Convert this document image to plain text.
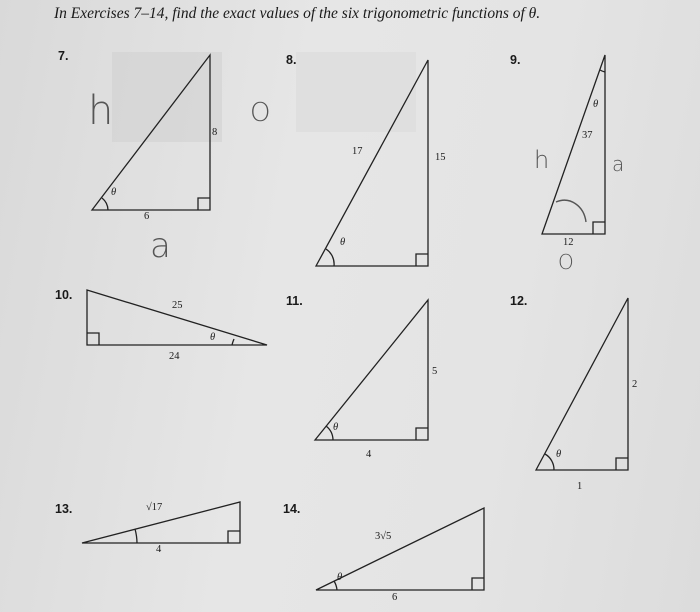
In Exercises 7–14, find the exact values of the six trigonometric functions of θ.
7.	8.	9.
10.	11.	12.
13.	14.
8
6
17
15
37
12
25
24
5
4
2
1
√17
4
3√5
6
θ
θ
θ
θ
θ
θ
θ
h	O
a
h	a
O
